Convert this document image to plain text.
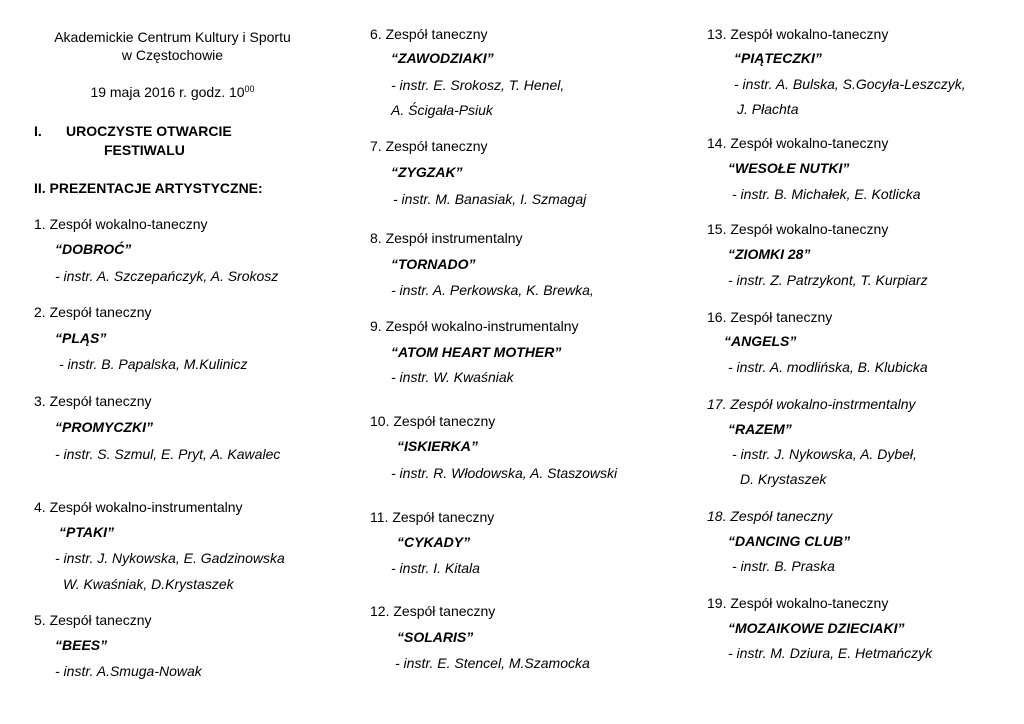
Akademickie Centrum Kultury i Sportu
w Częstochowie
19 maja 2016 r. godz. $10^{00}$
I. UROCZYSTE OTWARCIE
FESTIWALU
II. PREZENTACJE ARTYSTYCZNE:
1. Zespół wokalno-taneczny
“DOBROĆ”
- instr. A. Szczepańczyk, A. Srokosz
2. Zespół taneczny
“PLĄS”
- instr. B. Papalska, M.Kulinicz
3. Zespół taneczny
“PROMYCZKI”
- instr. S. Szmul, E. Pryt, A. Kawalec
4. Zespół wokalno-instrumentalny
“PTAKI”
- instr. J. Nykowska, E. Gadzinowska
W. Kwaśniak, D.Krystaszek
5. Zespół taneczny
“BEES”
- instr. A.Smuga-Nowak
6. Zespół taneczny
“ZAWODZIAKI”
- instr. E. Srokosz, T. Henel,
A. Ścigała-Psiuk
7. Zespół taneczny
“ZYGZAK”
- instr. M. Banasiak, I. Szmagaj
8. Zespół instrumentalny
“TORNADO”
- instr. A. Perkowska, K. Brewka,
9. Zespół wokalno-instrumentalny
“ATOM HEART MOTHER”
- instr. W. Kwaśniak
10. Zespół taneczny
“ISKIERKA”
- instr. R. Włodowska, A. Staszowski
11. Zespół taneczny
“CYKADY”
- instr. I. Kitala
12. Zespół taneczny
“SOLARIS”
- instr. E. Stencel, M.Szamocka
13. Zespół wokalno-taneczny
“PIĄTECZKI”
- instr. A. Bulska, S.Gocyła-Leszczyk,
J. Płachta
14. Zespół wokalno-taneczny
“WESOŁE NUTKI”
- instr. B. Michałek, E. Kotlicka
15. Zespół wokalno-taneczny
“ZIOMKI 28”
- instr. Z. Patrzykont, T. Kurpiarz
16. Zespół taneczny
“ANGELS”
- instr. A. modlińska, B. Klubicka
17. Zespół wokalno-instrmentalny
“RAZEM”
- instr. J. Nykowska, A. Dybeł,
D. Krystaszek
18. Zespół taneczny
“DANCING CLUB”
- instr. B. Praska
19. Zespół wokalno-taneczny
“MOZAIKOWE DZIECIAKI”
- instr. M. Dziura, E. Hetmańczyk
